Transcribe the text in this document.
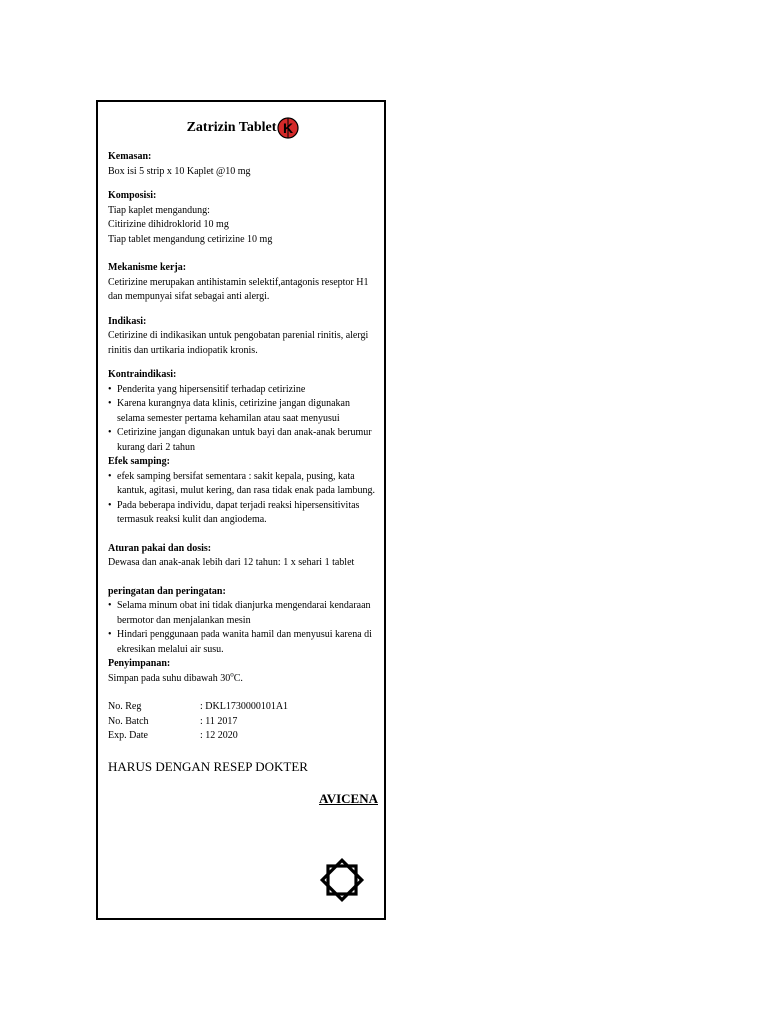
Zatrizin Tablet K
Kemasan:
Box isi 5 strip x 10 Kaplet @10 mg
Komposisi:
Tiap kaplet mengandung:
Citirizine dihidroklorid 10 mg
Tiap tablet mengandung cetirizine 10 mg
Mekanisme kerja:
Cetirizine merupakan antihistamin selektif,antagonis reseptor H1 dan mempunyai sifat sebagai anti alergi.
Indikasi:
Cetirizine di indikasikan untuk pengobatan parenial rinitis, alergi rinitis dan urtikaria indiopatik kronis.
Kontraindikasi:
• Penderita yang hipersensitif terhadap cetirizine
• Karena kurangnya data klinis, cetirizine jangan digunakan selama semester pertama kehamilan atau saat menyusui
• Cetirizine jangan digunakan untuk bayi dan anak-anak berumur kurang dari 2 tahun
Efek samping:
• efek samping bersifat sementara : sakit kepala, pusing, kata kantuk, agitasi, mulut kering, dan rasa tidak enak pada lambung.
• Pada beberapa individu, dapat terjadi reaksi hipersensitivitas termasuk reaksi kulit dan angiodema.
Aturan pakai dan dosis:
Dewasa dan anak-anak lebih dari 12 tahun: 1 x sehari 1 tablet
peringatan dan peringatan:
• Selama minum obat ini tidak dianjurka mengendarai kendaraan bermotor dan menjalankan mesin
• Hindari penggunaan pada wanita hamil dan menyusui karena di ekresikan melalui air susu.
Penyimpanan:
Simpan pada suhu dibawah 30$^o$C.
No. Reg	: DKL1730000101A1
No. Batch	: 11 2017
Exp. Date	: 12 2020
HARUS DENGAN RESEP DOKTER
AVICENA
